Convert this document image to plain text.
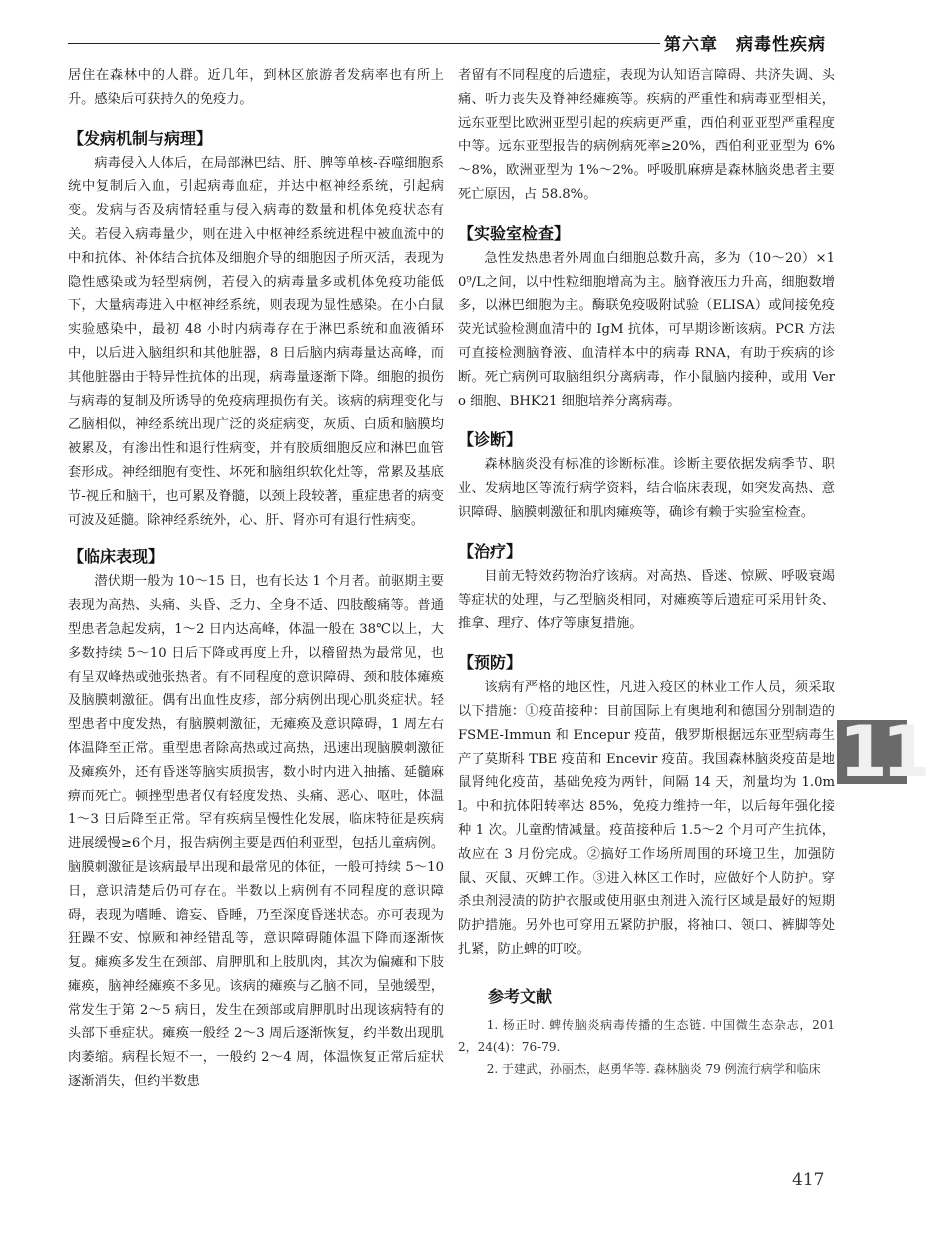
第六章 病毒性疾病

居住在森林中的人群。近几年，到林区旅游者发病率也有所上升。感染后可获持久的免疫力。

【发病机制与病理】

病毒侵入人体后，在局部淋巴结、肝、脾等单核-吞噬细胞系统中复制后入血，引起病毒血症，并达中枢神经系统，引起病变。发病与否及病情轻重与侵入病毒的数量和机体免疫状态有关。若侵入病毒量少，则在进入中枢神经系统进程中被血流中的中和抗体、补体结合抗体及细胞介导的细胞因子所灭活，表现为隐性感染或为轻型病例，若侵入的病毒量多或机体免疫功能低下，大量病毒进入中枢神经系统，则表现为显性感染。在小白鼠实验感染中，最初 48 小时内病毒存在于淋巴系统和血液循环中，以后进入脑组织和其他脏器，8 日后脑内病毒量达高峰，而其他脏器由于特异性抗体的出现，病毒量逐渐下降。细胞的损伤与病毒的复制及所诱导的免疫病理损伤有关。该病的病理变化与乙脑相似，神经系统出现广泛的炎症病变，灰质、白质和脑膜均被累及，有渗出性和退行性病变，并有胶质细胞反应和淋巴血管套形成。神经细胞有变性、坏死和脑组织软化灶等，常累及基底节-视丘和脑干，也可累及脊髓，以颈上段较著，重症患者的病变可波及延髓。除神经系统外，心、肝、肾亦可有退行性病变。

【临床表现】

潜伏期一般为 10～15 日，也有长达 1 个月者。前驱期主要表现为高热、头痛、头昏、乏力、全身不适、四肢酸痛等。普通型患者急起发病，1～2 日内达高峰，体温一般在 38℃以上，大多数持续 5～10 日后下降或再度上升，以稽留热为最常见，也有呈双峰热或弛张热者。有不同程度的意识障碍、颈和肢体瘫痪及脑膜刺激征。偶有出血性皮疹，部分病例出现心肌炎症状。轻型患者中度发热，有脑膜刺激征，无瘫痪及意识障碍，1 周左右体温降至正常。重型患者除高热或过高热，迅速出现脑膜刺激征及瘫痪外，还有昏迷等脑实质损害，数小时内进入抽搐、延髓麻痹而死亡。顿挫型患者仅有轻度发热、头痛、恶心、呕吐，体温 1～3 日后降至正常。罕有疾病呈慢性化发展，临床特征是疾病进展缓慢≥6个月，报告病例主要是西伯利亚型，包括儿童病例。脑膜刺激征是该病最早出现和最常见的体征，一般可持续 5～10 日，意识清楚后仍可存在。半数以上病例有不同程度的意识障碍，表现为嗜睡、谵妄、昏睡，乃至深度昏迷状态。亦可表现为狂躁不安、惊厥和神经错乱等，意识障碍随体温下降而逐渐恢复。瘫痪多发生在颈部、肩胛肌和上肢肌肉，其次为偏瘫和下肢瘫痪，脑神经瘫痪不多见。该病的瘫痪与乙脑不同，呈弛缓型，常发生于第 2～5 病日，发生在颈部或肩胛肌时出现该病特有的头部下垂症状。瘫痪一般经 2～3 周后逐渐恢复，约半数出现肌肉萎缩。病程长短不一，一般约 2～4 周，体温恢复正常后症状逐渐消失，但约半数患

者留有不同程度的后遗症，表现为认知语言障碍、共济失调、头痛、听力丧失及脊神经瘫痪等。疾病的严重性和病毒亚型相关，远东亚型比欧洲亚型引起的疾病更严重，西伯利亚亚型严重程度中等。远东亚型报告的病例病死率≥20%，西伯利亚亚型为 6%～8%，欧洲亚型为 1%～2%。呼吸肌麻痹是森林脑炎患者主要死亡原因，占 58.8%。

【实验室检查】

急性发热患者外周血白细胞总数升高，多为（10～20）×10⁹/L之间，以中性粒细胞增高为主。脑脊液压力升高，细胞数增多，以淋巴细胞为主。酶联免疫吸附试验（ELISA）或间接免疫荧光试验检测血清中的 IgM 抗体，可早期诊断该病。PCR 方法可直接检测脑脊液、血清样本中的病毒 RNA，有助于疾病的诊断。死亡病例可取脑组织分离病毒，作小鼠脑内接种，或用 Vero 细胞、BHK21 细胞培养分离病毒。

【诊断】

森林脑炎没有标准的诊断标准。诊断主要依据发病季节、职业、发病地区等流行病学资料，结合临床表现，如突发高热、意识障碍、脑膜刺激征和肌肉瘫痪等，确诊有赖于实验室检查。

【治疗】

目前无特效药物治疗该病。对高热、昏迷、惊厥、呼吸衰竭等症状的处理，与乙型脑炎相同，对瘫痪等后遗症可采用针灸、推拿、理疗、体疗等康复措施。

【预防】

该病有严格的地区性，凡进入疫区的林业工作人员，须采取以下措施：①疫苗接种：目前国际上有奥地利和德国分别制造的 FSME-Immun 和 Encepur 疫苗，俄罗斯根据远东亚型病毒生产了莫斯科 TBE 疫苗和 Encevir 疫苗。我国森林脑炎疫苗是地鼠肾纯化疫苗，基础免疫为两针，间隔 14 天，剂量均为 1.0ml。中和抗体阳转率达 85%，免疫力维持一年，以后每年强化接种 1 次。儿童酌情减量。疫苗接种后 1.5～2 个月可产生抗体，故应在 3 月份完成。②搞好工作场所周围的环境卫生，加强防鼠、灭鼠、灭蜱工作。③进入林区工作时，应做好个人防护。穿杀虫剂浸渍的防护衣服或使用驱虫剂进入流行区域是最好的短期防护措施。另外也可穿用五紧防护服，将袖口、领口、裤脚等处扎紧，防止蜱的叮咬。

参考文献

1. 杨正时. 蜱传脑炎病毒传播的生态链. 中国微生态杂志，2012，24(4)：76-79.

2. 于建武，孙丽杰，赵勇华等. 森林脑炎 79 例流行病学和临床

11
417
